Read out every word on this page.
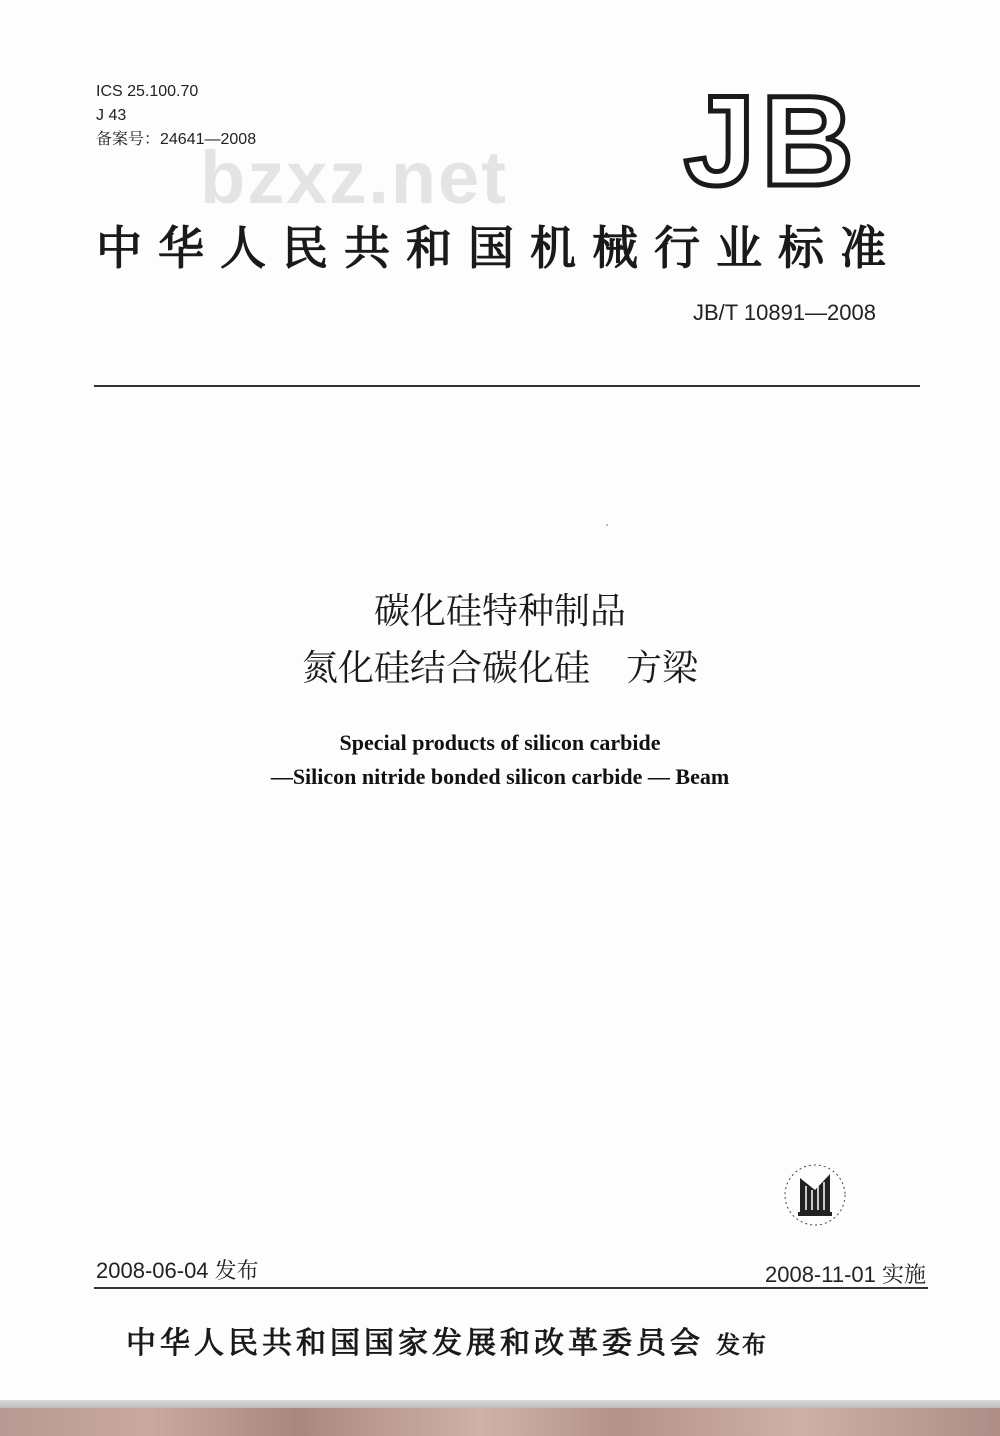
ICS 25.100.70
J 43
备案号：24641—2008
bzxz.net JB
中华人民共和国机械行业标准
JB/T 10891—2008
碳化硅特种制品
氮化硅结合碳化硅　方梁
Special products of silicon carbide
—Silicon nitride bonded silicon carbide — Beam
2008-06-04 发布	2008-11-01 实施
中华人民共和国国家发展和改革委员会 发布
